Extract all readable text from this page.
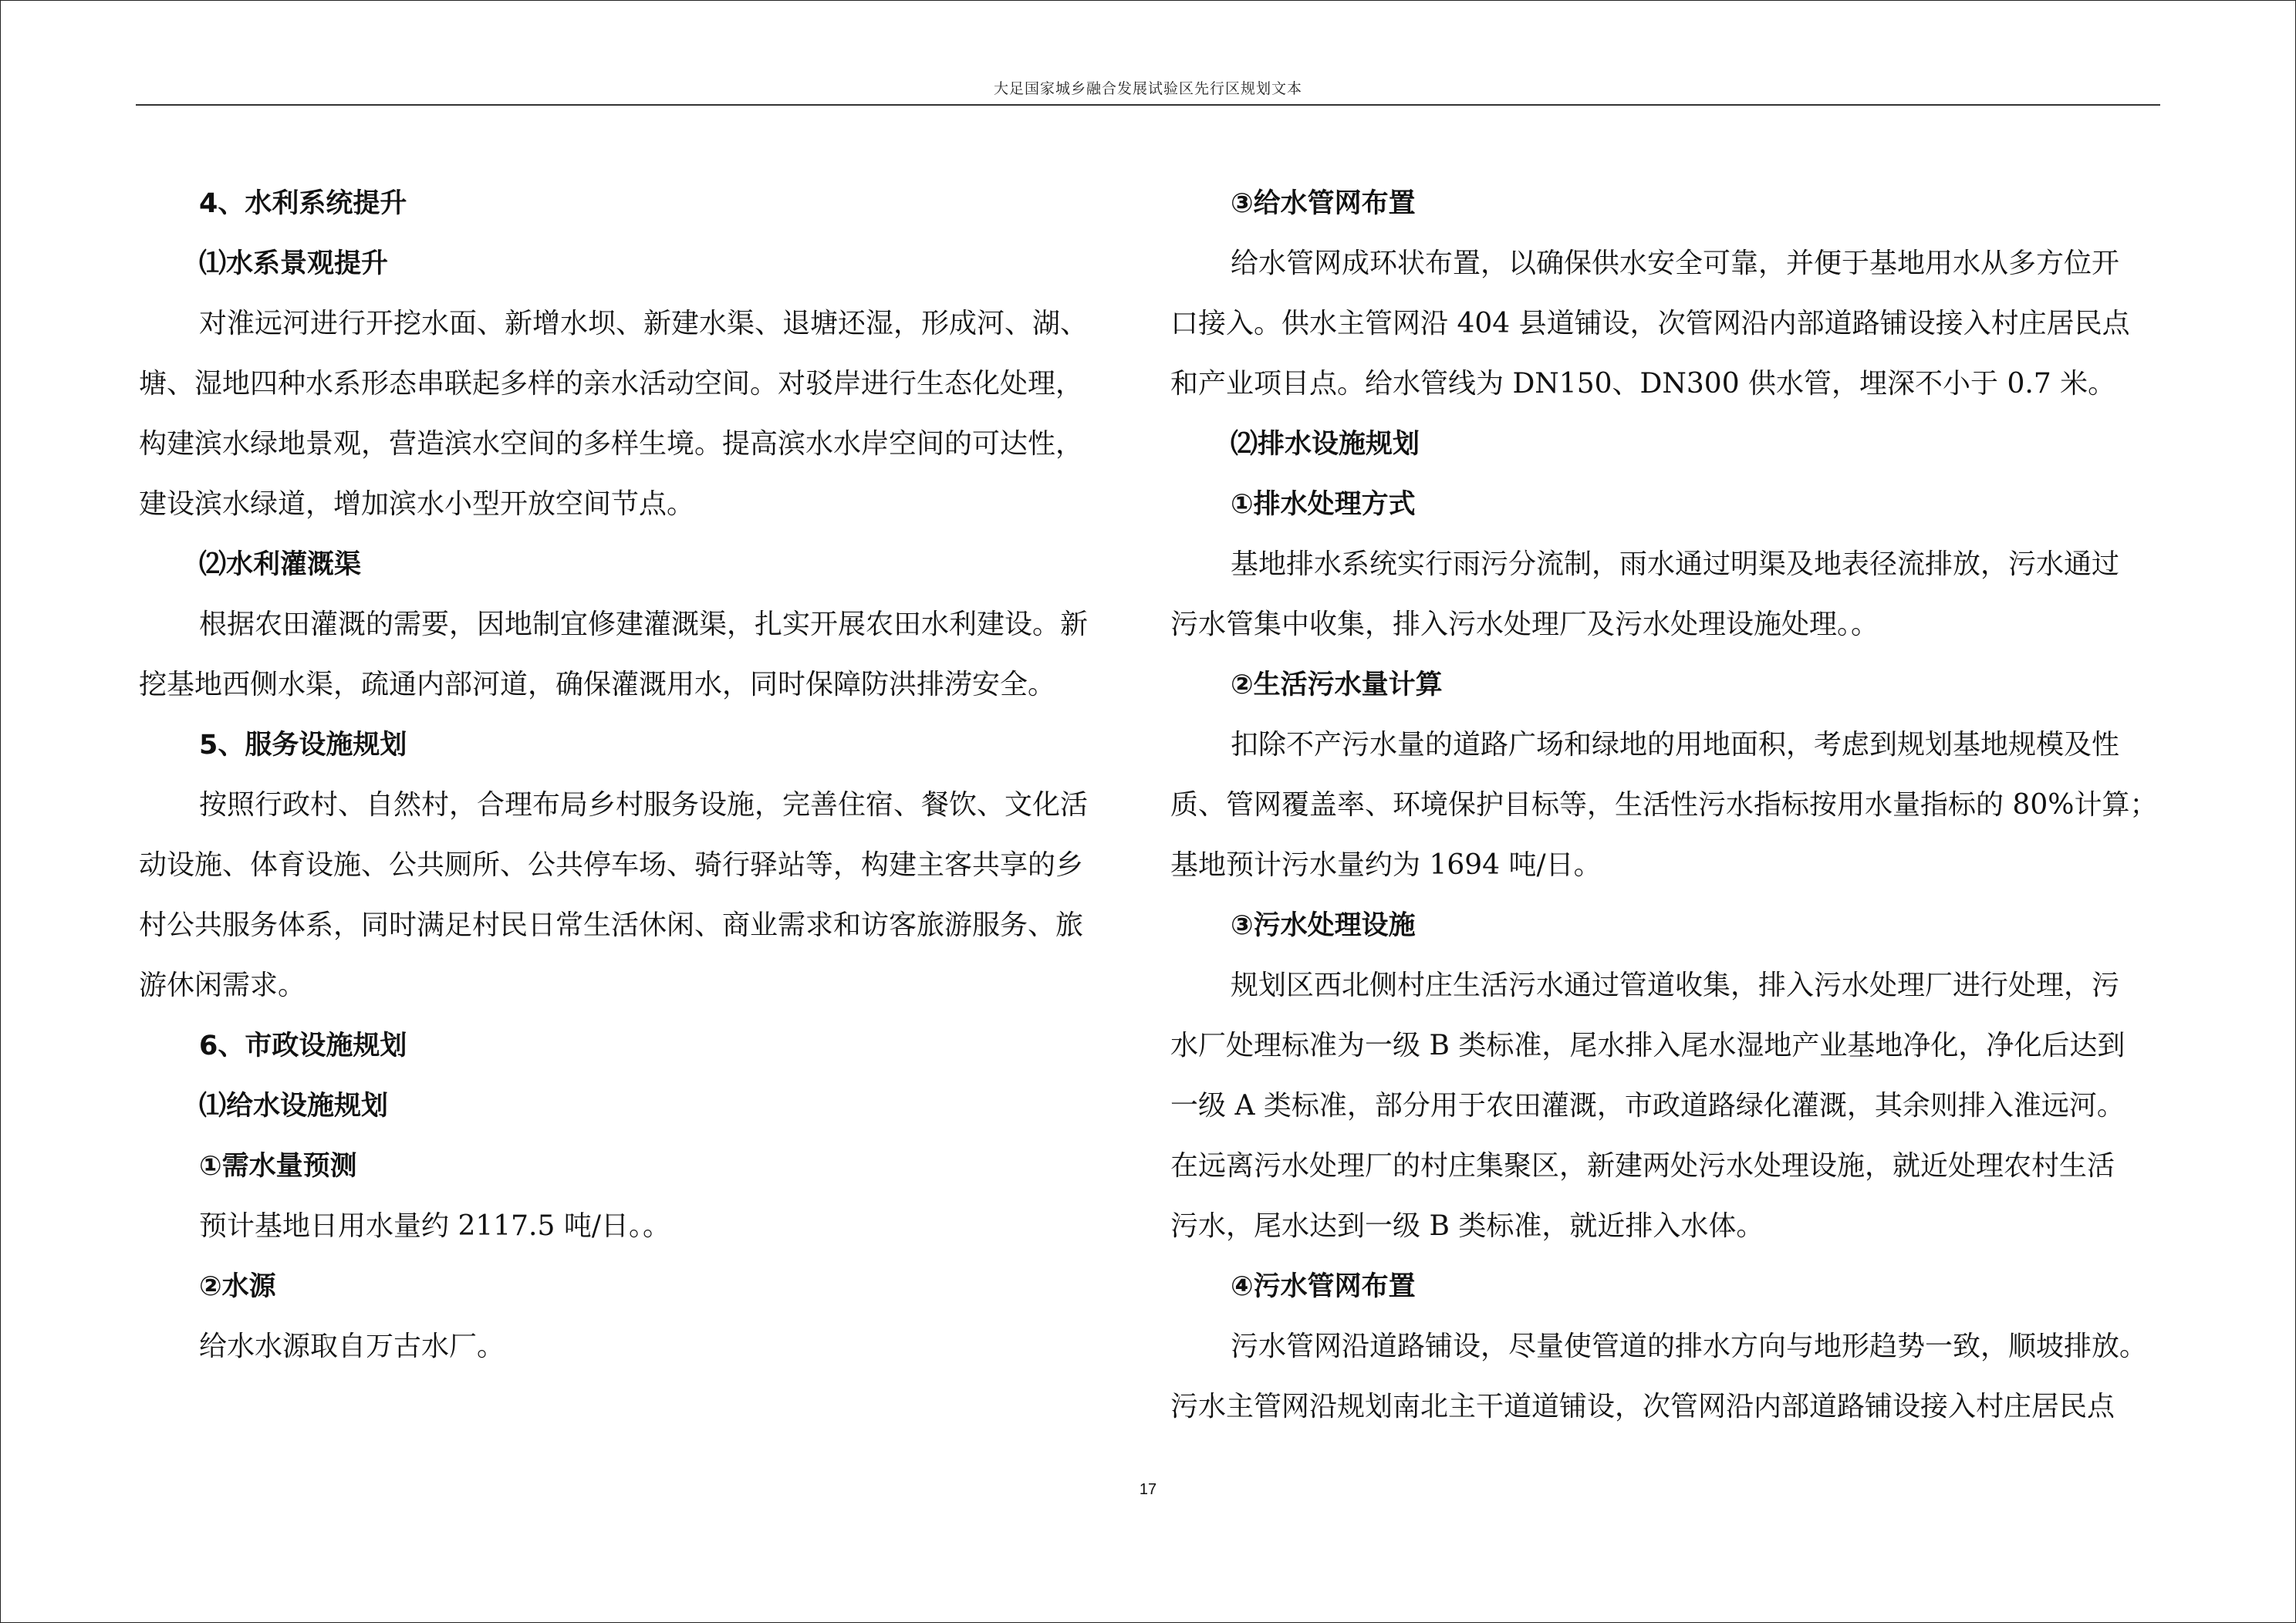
大足国家城乡融合发展试验区先行区规划文本
4、水利系统提升
⑴水系景观提升
对淮远河进行开挖水面、新增水坝、新建水渠、退塘还湿，形成河、湖、
塘、湿地四种水系形态串联起多样的亲水活动空间。对驳岸进行生态化处理，
构建滨水绿地景观，营造滨水空间的多样生境。提高滨水水岸空间的可达性，
建设滨水绿道，增加滨水小型开放空间节点。
⑵水利灌溉渠
根据农田灌溉的需要，因地制宜修建灌溉渠，扎实开展农田水利建设。新
挖基地西侧水渠，疏通内部河道，确保灌溉用水，同时保障防洪排涝安全。
5、服务设施规划
按照行政村、自然村，合理布局乡村服务设施，完善住宿、餐饮、文化活
动设施、体育设施、公共厕所、公共停车场、骑行驿站等，构建主客共享的乡
村公共服务体系，同时满足村民日常生活休闲、商业需求和访客旅游服务、旅
游休闲需求。
6、市政设施规划
⑴给水设施规划
①需水量预测
预计基地日用水量约 2117.5 吨/日。。
②水源
给水水源取自万古水厂。
③给水管网布置
给水管网成环状布置，以确保供水安全可靠，并便于基地用水从多方位开
口接入。供水主管网沿 404 县道铺设，次管网沿内部道路铺设接入村庄居民点
和产业项目点。给水管线为 DN150、DN300 供水管，埋深不小于 0.7 米。
⑵排水设施规划
①排水处理方式
基地排水系统实行雨污分流制，雨水通过明渠及地表径流排放，污水通过
污水管集中收集，排入污水处理厂及污水处理设施处理。。
②生活污水量计算
扣除不产污水量的道路广场和绿地的用地面积，考虑到规划基地规模及性
质、管网覆盖率、环境保护目标等，生活性污水指标按用水量指标的 80%计算；
基地预计污水量约为 1694 吨/日。
③污水处理设施
规划区西北侧村庄生活污水通过管道收集，排入污水处理厂进行处理，污
水厂处理标准为一级 B 类标准，尾水排入尾水湿地产业基地净化，净化后达到
一级 A 类标准，部分用于农田灌溉，市政道路绿化灌溉，其余则排入淮远河。
在远离污水处理厂的村庄集聚区，新建两处污水处理设施，就近处理农村生活
污水，尾水达到一级 B 类标准，就近排入水体。
④污水管网布置
污水管网沿道路铺设，尽量使管道的排水方向与地形趋势一致，顺坡排放。
污水主管网沿规划南北主干道道铺设，次管网沿内部道路铺设接入村庄居民点
17
